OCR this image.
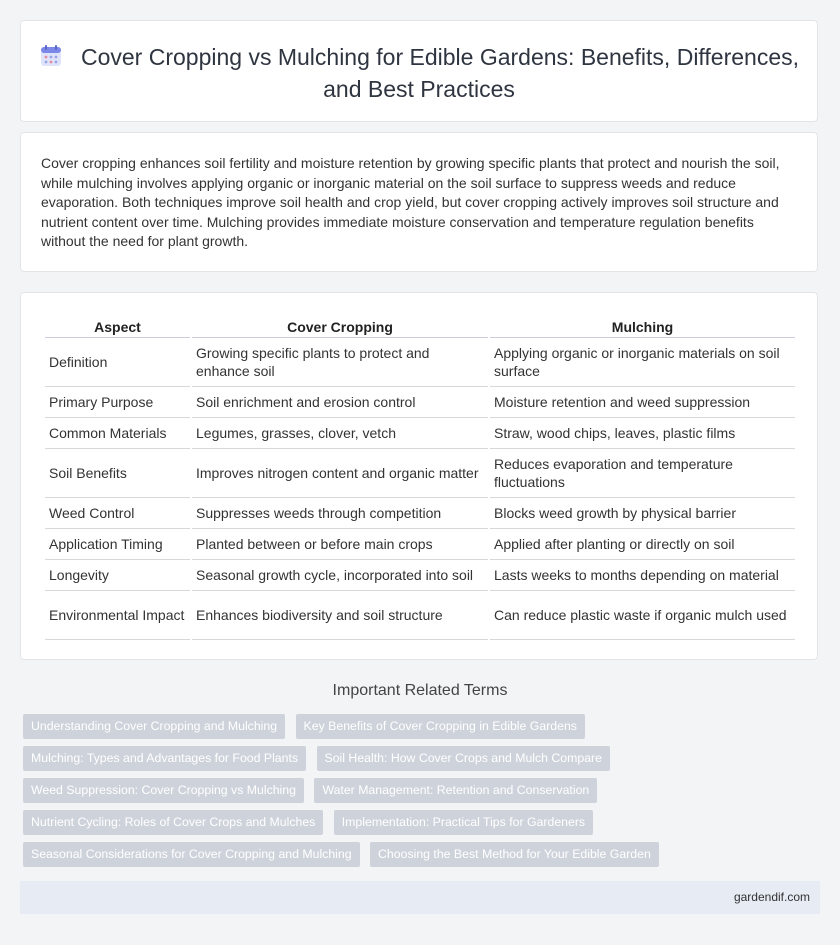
Cover Cropping vs Mulching for Edible Gardens: Benefits, Differences, and Best Practices
Cover cropping enhances soil fertility and moisture retention by growing specific plants that protect and nourish the soil, while mulching involves applying organic or inorganic material on the soil surface to suppress weeds and reduce evaporation. Both techniques improve soil health and crop yield, but cover cropping actively improves soil structure and nutrient content over time. Mulching provides immediate moisture conservation and temperature regulation benefits without the need for plant growth.
Aspect	Cover Cropping	Mulching
Definition	Growing specific plants to protect and enhance soil	Applying organic or inorganic materials on soil surface
Primary Purpose	Soil enrichment and erosion control	Moisture retention and weed suppression
Common Materials	Legumes, grasses, clover, vetch	Straw, wood chips, leaves, plastic films
Soil Benefits	Improves nitrogen content and organic matter	Reduces evaporation and temperature fluctuations
Weed Control	Suppresses weeds through competition	Blocks weed growth by physical barrier
Application Timing	Planted between or before main crops	Applied after planting or directly on soil
Longevity	Seasonal growth cycle, incorporated into soil	Lasts weeks to months depending on material
Environmental Impact	Enhances biodiversity and soil structure	Can reduce plastic waste if organic mulch used
Important Related Terms
Understanding Cover Cropping and Mulching Key Benefits of Cover Cropping in Edible Gardens
Mulching: Types and Advantages for Food Plants Soil Health: How Cover Crops and Mulch Compare
Weed Suppression: Cover Cropping vs Mulching Water Management: Retention and Conservation
Nutrient Cycling: Roles of Cover Crops and Mulches Implementation: Practical Tips for Gardeners
Seasonal Considerations for Cover Cropping and Mulching Choosing the Best Method for Your Edible Garden
gardendif.com
